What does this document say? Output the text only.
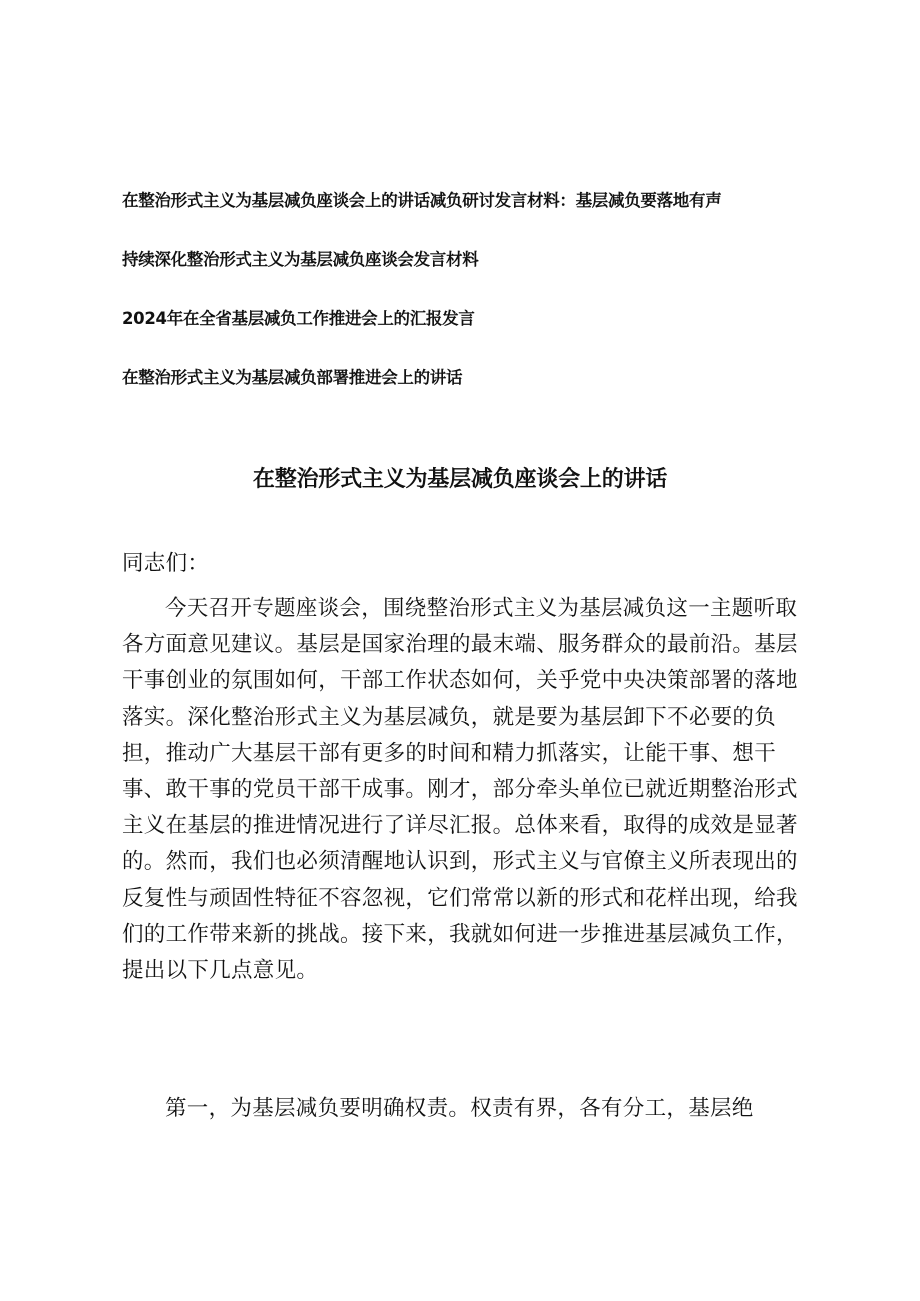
在整治形式主义为基层减负座谈会上的讲话减负研讨发言材料：基层减负要落地有声
持续深化整治形式主义为基层减负座谈会发言材料
2024年在全省基层减负工作推进会上的汇报发言
在整治形式主义为基层减负部署推进会上的讲话
在整治形式主义为基层减负座谈会上的讲话
同志们：
今天召开专题座谈会，围绕整治形式主义为基层减负这一主题听取各方面意见建议。基层是国家治理的最末端、服务群众的最前沿。基层干事创业的氛围如何，干部工作状态如何，关乎党中央决策部署的落地落实。深化整治形式主义为基层减负，就是要为基层卸下不必要的负担，推动广大基层干部有更多的时间和精力抓落实，让能干事、想干事、敢干事的党员干部干成事。刚才，部分牵头单位已就近期整治形式主义在基层的推进情况进行了详尽汇报。总体来看，取得的成效是显著的。然而，我们也必须清醒地认识到，形式主义与官僚主义所表现出的反复性与顽固性特征不容忽视，它们常常以新的形式和花样出现，给我们的工作带来新的挑战。接下来，我就如何进一步推进基层减负工作，提出以下几点意见。
第一，为基层减负要明确权责。权责有界，各有分工，基层绝
